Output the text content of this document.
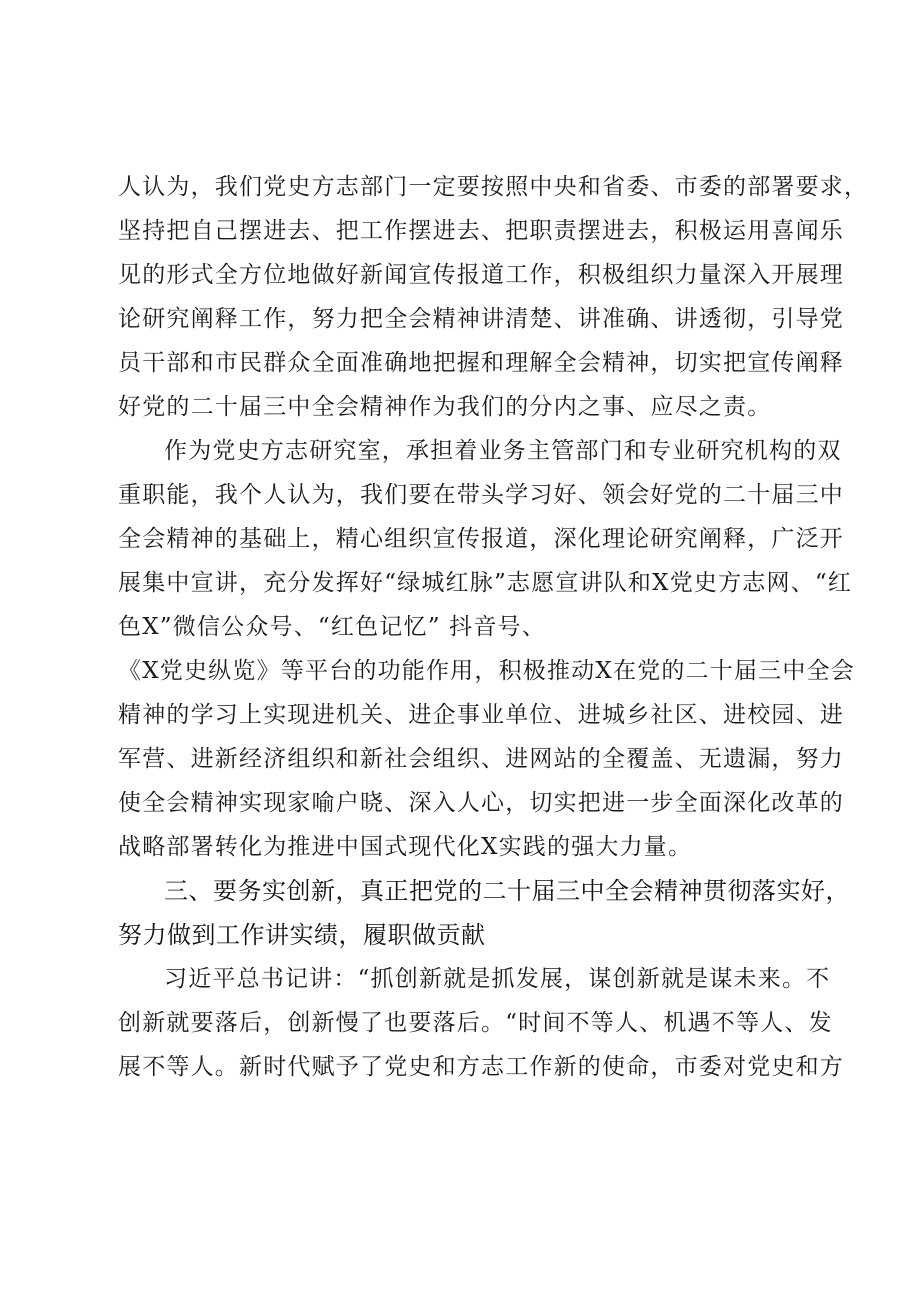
人认为，我们党史方志部门一定要按照中央和省委、市委的部署要求，
坚持把自己摆进去、把工作摆进去、把职责摆进去，积极运用喜闻乐
见的形式全方位地做好新闻宣传报道工作，积极组织力量深入开展理
论研究阐释工作，努力把全会精神讲清楚、讲准确、讲透彻，引导党
员干部和市民群众全面准确地把握和理解全会精神，切实把宣传阐释
好党的二十届三中全会精神作为我们的分内之事、应尽之责。
作为党史方志研究室，承担着业务主管部门和专业研究机构的双
重职能，我个人认为，我们要在带头学习好、领会好党的二十届三中
全会精神的基础上，精心组织宣传报道，深化理论研究阐释，广泛开
展集中宣讲，充分发挥好“绿城红脉”志愿宣讲队和X党史方志网、“红
色X”微信公众号、“红色记忆” 抖音号、
《X党史纵览》等平台的功能作用，积极推动X在党的二十届三中全会
精神的学习上实现进机关、进企事业单位、进城乡社区、进校园、进
军营、进新经济组织和新社会组织、进网站的全覆盖、无遗漏，努力
使全会精神实现家喻户晓、深入人心，切实把进一步全面深化改革的
战略部署转化为推进中国式现代化X实践的强大力量。
三、要务实创新，真正把党的二十届三中全会精神贯彻落实好，
努力做到工作讲实绩，履职做贡献
习近平总书记讲：“抓创新就是抓发展，谋创新就是谋未来。不
创新就要落后，创新慢了也要落后。“时间不等人、机遇不等人、发
展不等人。新时代赋予了党史和方志工作新的使命，市委对党史和方
